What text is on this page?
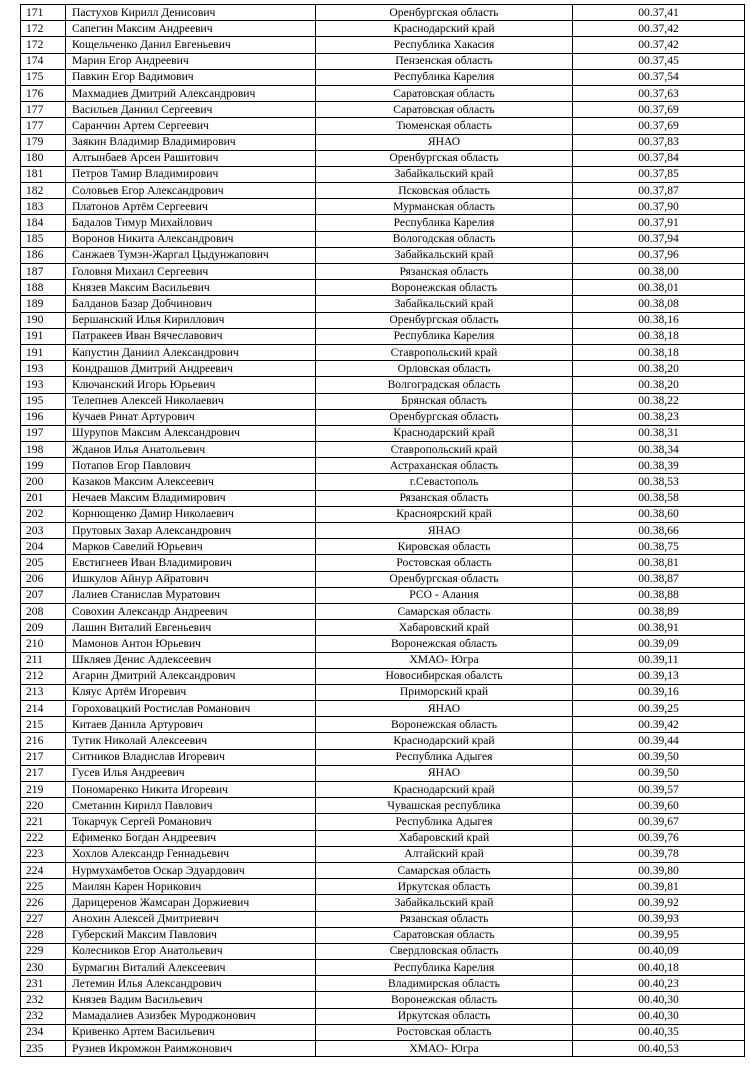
171	Пастухов Кирилл Денисович	Оренбургская область	00.37,41
172	Сапегин Максим Андреевич	Краснодарский край	00.37,42
172	Кощельченко Данил Евгеньевич	Республика Хакасия	00.37,42
174	Марин Егор Андреевич	Пензенская область	00.37,45
175	Павкин Егор Вадимович	Республика Карелия	00.37,54
176	Махмадиев Дмитрий Александрович	Саратовская область	00.37,63
177	Васильев Даниил Сергеевич	Саратовская область	00.37,69
177	Саранчин Артем Сергеевич	Тюменская область	00.37,69
179	Заякин Владимир Владимирович	ЯНАО	00.37,83
180	Алтынбаев Арсен Рашитович	Оренбургская область	00.37,84
181	Петров Тамир Владимирович	Забайкальский край	00.37,85
182	Соловьев Егор Александрович	Псковская область	00.37,87
183	Платонов Артём Сергеевич	Мурманская область	00.37,90
184	Бадалов Тимур Михайлович	Республика Карелия	00.37,91
185	Воронов Никита Александрович	Вологодская область	00.37,94
186	Санжаев Тумэн-Жаргал Цыдунжапович	Забайкальский край	00.37,96
187	Головня Михаил Сергеевич	Рязанская область	00.38,00
188	Князев Максим Васильевич	Воронежская область	00.38,01
189	Балданов Базар Добчинович	Забайкальский край	00.38,08
190	Бершанский Илья Кириллович	Оренбургская область	00.38,16
191	Патракеев Иван Вячеславович	Республика Карелия	00.38,18
191	Капустин Даниил Александрович	Ставропольский край	00.38,18
193	Кондрашов Дмитрий Андреевич	Орловская область	00.38,20
193	Ключанский Игорь Юрьевич	Волгоградская область	00.38,20
195	Телепнев Алексей Николаевич	Брянская область	00.38,22
196	Кучаев Ринат Артурович	Оренбургская область	00.38,23
197	Шурупов Максим Александрович	Краснодарский край	00.38,31
198	Жданов Илья Анатольевич	Ставропольский край	00.38,34
199	Потапов Егор Павлович	Астраханская область	00.38,39
200	Казаков Максим Алексеевич	г.Севастополь	00.38,53
201	Нечаев Максим Владимирович	Рязанская область	00.38,58
202	Корнющенко Дамир Николаевич	Красноярский край	00.38,60
203	Прутовых Захар Александрович	ЯНАО	00.38,66
204	Марков Савелий Юрьевич	Кировская область	00.38,75
205	Евстигнеев Иван Владимирович	Ростовская область	00.38,81
206	Ишкулов Айнур Айратович	Оренбургская область	00.38,87
207	Лалиев Станислав Муратович	РСО - Алания	00.38,88
208	Совохин Александр Андреевич	Самарская область	00.38,89
209	Лашин Виталий Евгеньевич	Хабаровский край	00.38,91
210	Мамонов Антон Юрьевич	Воронежская область	00.39,09
211	Шкляев Денис Адлексеевич	ХМАО- Югра	00.39,11
212	Агарин Дмитрий Александрович	Новосибирская обалсть	00.39,13
213	Кляус Артём Игоревич	Приморский край	00.39,16
214	Гороховацкий Ростислав Романович	ЯНАО	00.39,25
215	Китаев Данила Артурович	Воронежская область	00.39,42
216	Тутик Николай Алексеевич	Краснодарский край	00.39,44
217	Ситников Владислав Игоревич	Республика Адыгея	00.39,50
217	Гусев Илья Андреевич	ЯНАО	00.39,50
219	Пономаренко Никита Игоревич	Краснодарский край	00.39,57
220	Сметанин Кирилл Павлович	Чувашская республика	00.39,60
221	Токарчук Сергей Романович	Республика Адыгея	00.39,67
222	Ефименко Богдан Андреевич	Хабаровский край	00.39,76
223	Хохлов Александр Геннадьевич	Алтайский край	00.39,78
224	Нурмухамбетов Оскар Эдуардович	Самарская область	00.39,80
225	Маилян Карен Норикович	Иркутская область	00.39,81
226	Дарицеренов Жамсаран Доржиевич	Забайкальский край	00.39,92
227	Анохин Алексей Дмитриевич	Рязанская область	00.39,93
228	Губерский Максим Павлович	Саратовская область	00.39,95
229	Колесников Егор Анатольевич	Свердловская область	00.40,09
230	Бурмагин Виталий Алексеевич	Республика Карелия	00.40,18
231	Летемин Илья Александрович	Владимирская область	00.40,23
232	Князев Вадим Васильевич	Воронежская область	00.40,30
232	Мамадалиев Азизбек Муроджонович	Иркутская область	00.40,30
234	Кривенко Артем Васильевич	Ростовская область	00.40,35
235	Рузиев Икромжон Раимжонович	ХМАО- Югра	00.40,53
